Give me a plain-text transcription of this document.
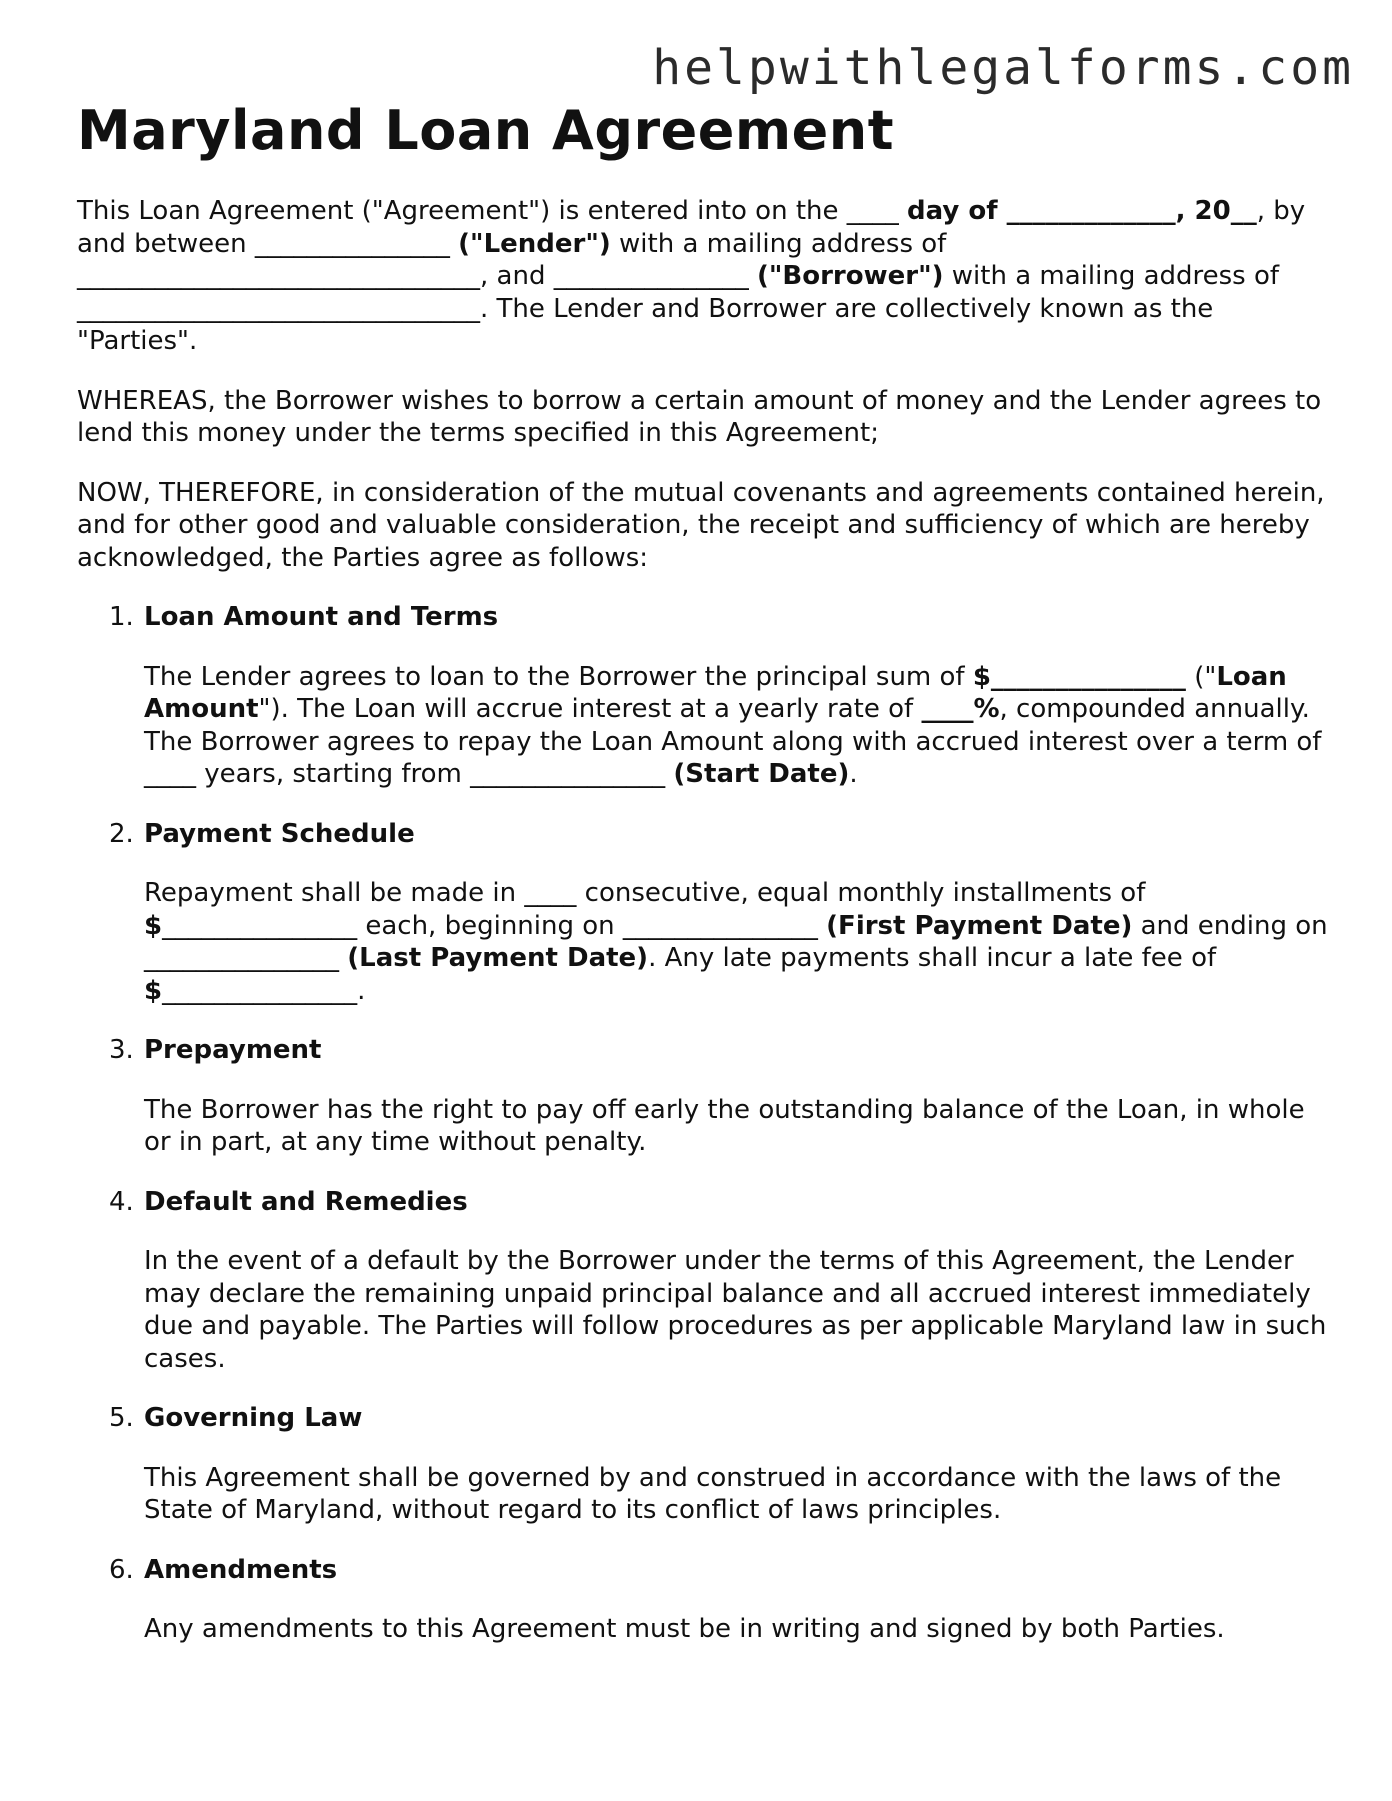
helpwithlegalforms.com
Maryland Loan Agreement

This Loan Agreement ("Agreement") is entered into on the ____ day of _____________, 20__, by and between _______________ ("Lender") with a mailing address of _______________________________, and _______________ ("Borrower") with a mailing address of _______________________________. The Lender and Borrower are collectively known as the "Parties".

WHEREAS, the Borrower wishes to borrow a certain amount of money and the Lender agrees to lend this money under the terms specified in this Agreement;

NOW, THEREFORE, in consideration of the mutual covenants and agreements contained herein, and for other good and valuable consideration, the receipt and sufficiency of which are hereby acknowledged, the Parties agree as follows:

1. Loan Amount and Terms
The Lender agrees to loan to the Borrower the principal sum of $_______________ ("Loan Amount"). The Loan will accrue interest at a yearly rate of ____%, compounded annually. The Borrower agrees to repay the Loan Amount along with accrued interest over a term of ____ years, starting from _______________ (Start Date).
2. Payment Schedule
Repayment shall be made in ____ consecutive, equal monthly installments of $_______________ each, beginning on _______________ (First Payment Date) and ending on _______________ (Last Payment Date). Any late payments shall incur a late fee of $_______________.
3. Prepayment
The Borrower has the right to pay off early the outstanding balance of the Loan, in whole or in part, at any time without penalty.
4. Default and Remedies
In the event of a default by the Borrower under the terms of this Agreement, the Lender may declare the remaining unpaid principal balance and all accrued interest immediately due and payable. The Parties will follow procedures as per applicable Maryland law in such cases.
5. Governing Law
This Agreement shall be governed by and construed in accordance with the laws of the State of Maryland, without regard to its conflict of laws principles.
6. Amendments
Any amendments to this Agreement must be in writing and signed by both Parties.
